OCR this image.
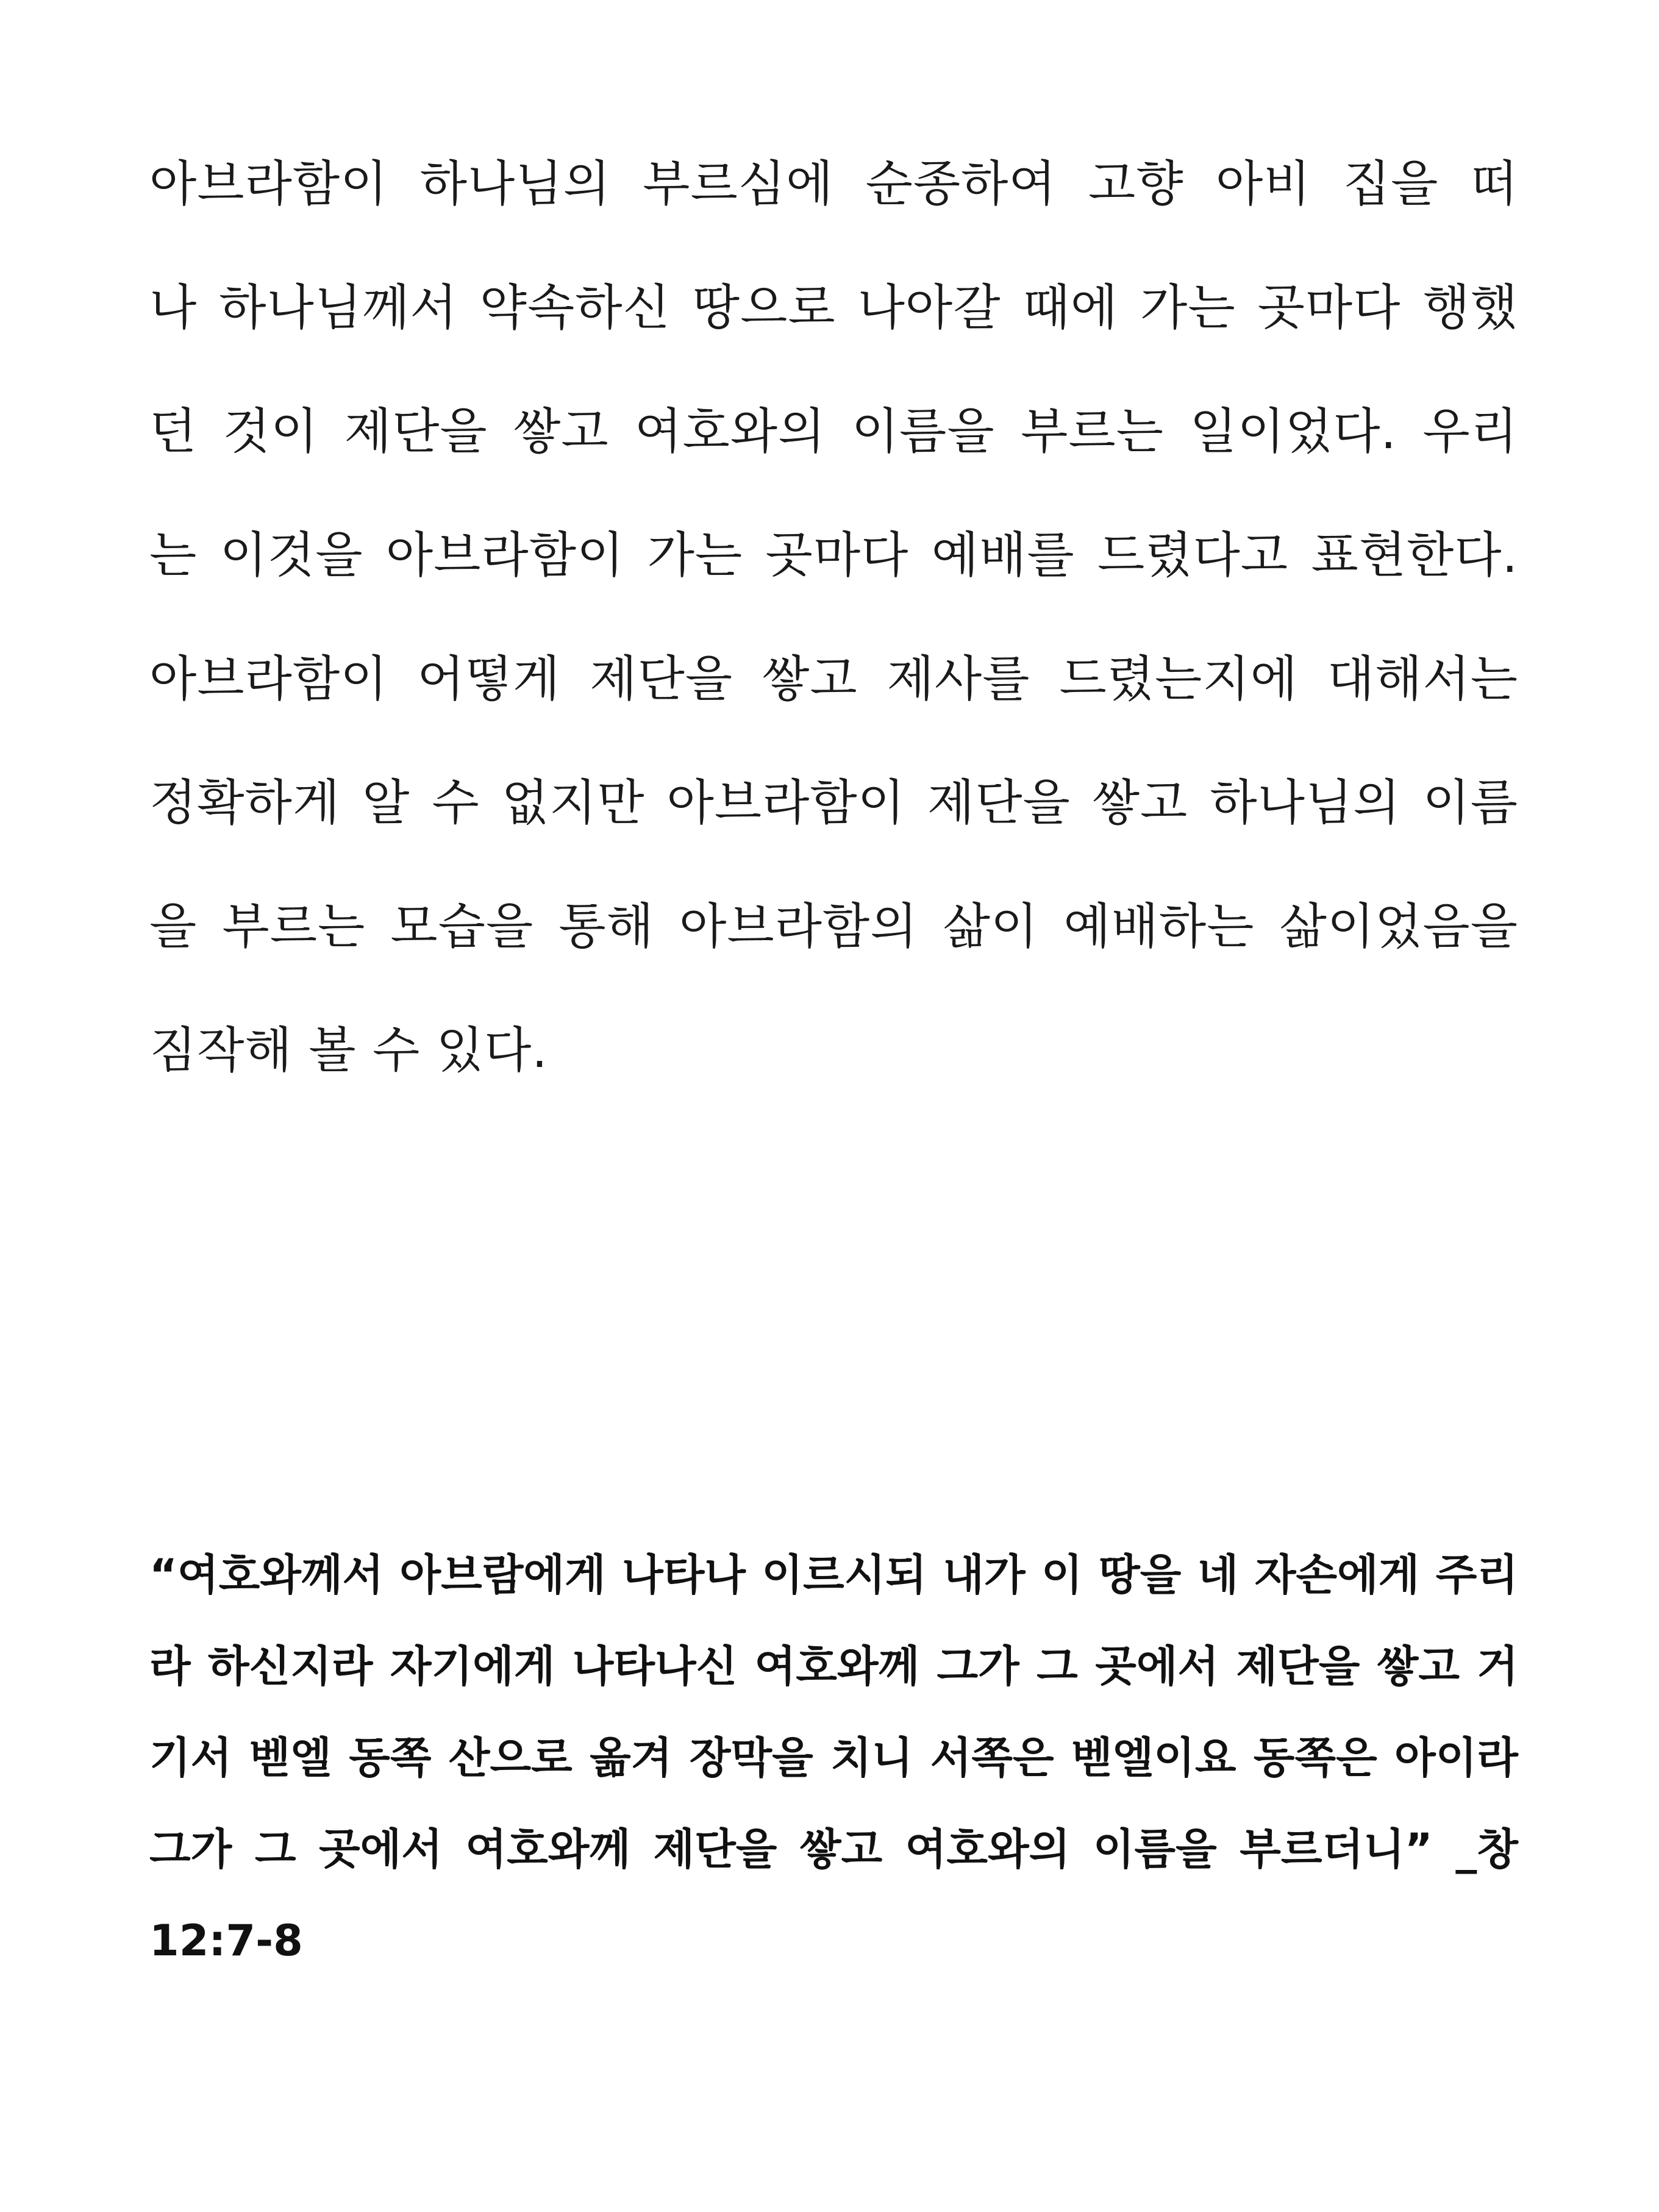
아브라함이 하나님의 부르심에 순종하여 고향 아비 집을 떠
나 하나님께서 약속하신 땅으로 나아갈 때에 가는 곳마다 행했
던 것이 제단을 쌓고 여호와의 이름을 부르는 일이었다. 우리
는 이것을 아브라함이 가는 곳마다 예배를 드렸다고 표현한다.
아브라함이 어떻게 제단을 쌓고 제사를 드렸는지에 대해서는
정확하게 알 수 없지만 아브라함이 제단을 쌓고 하나님의 이름
을 부르는 모습을 통해 아브라함의 삶이 예배하는 삶이었음을
짐작해 볼 수 있다.
“여호와께서 아브람에게 나타나 이르시되 내가 이 땅을 네 자손에게 주리
라 하신지라 자기에게 나타나신 여호와께 그가 그 곳에서 제단을 쌓고 거
기서 벧엘 동쪽 산으로 옮겨 장막을 치니 서쪽은 벧엘이요 동쪽은 아이라
그가 그 곳에서 여호와께 제단을 쌓고 여호와의 이름을 부르더니” _창
12:7-8
